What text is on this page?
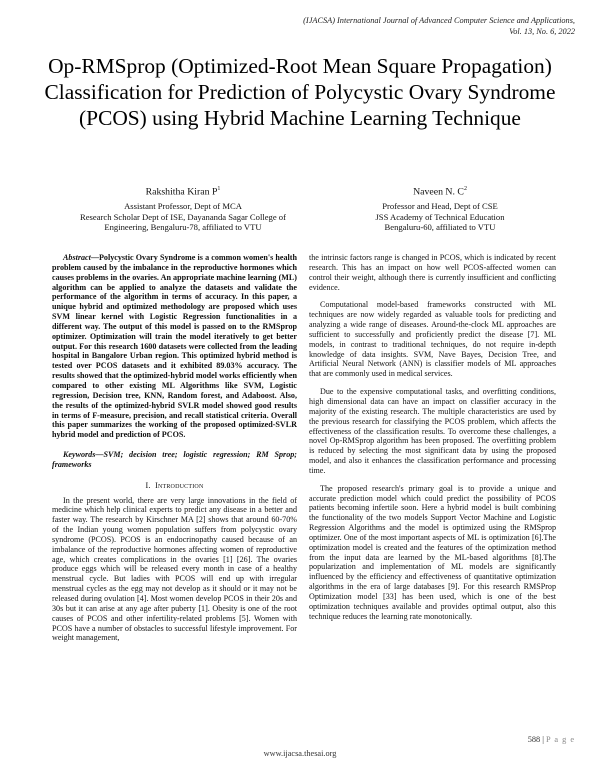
(IJACSA) International Journal of Advanced Computer Science and Applications,
Vol. 13, No. 6, 2022
Op-RMSprop (Optimized-Root Mean Square Propagation) Classification for Prediction of Polycystic Ovary Syndrome (PCOS) using Hybrid Machine Learning Technique
Rakshitha Kiran $P^1$
Assistant Professor, Dept of MCA
Research Scholar Dept of ISE, Dayananda Sagar College of Engineering, Bengaluru-78, affiliated to VTU
Naveen N. $C^2$
Professor and Head, Dept of CSE
JSS Academy of Technical Education
Bengaluru-60, affiliated to VTU

Abstract—Polycystic Ovary Syndrome is a common women's health problem caused by the imbalance in the reproductive hormones which causes problems in the ovaries. An appropriate machine learning (ML) algorithm can be applied to analyze the datasets and validate the performance of the algorithm in terms of accuracy. In this paper, a unique hybrid and optimized methodology are proposed which uses SVM linear kernel with Logistic Regression functionalities in a different way. The output of this model is passed on to the RMSprop optimizer. Optimization will train the model iteratively to get better output. For this research 1600 datasets were collected from the leading hospital in Bangalore Urban region. This optimized hybrid method is tested over PCOS datasets and it exhibited 89.03% accuracy. The results showed that the optimized-hybrid model works efficiently when compared to other existing ML Algorithms like SVM, Logistic regression, Decision tree, KNN, Random forest, and Adaboost. Also, the results of the optimized-hybrid SVLR model showed good results in terms of F-measure, precision, and recall statistical criteria. Overall this paper summarizes the working of the proposed optimized-SVLR hybrid model and prediction of PCOS.

Keywords—SVM; decision tree; logistic regression; RM Sprop; frameworks

I. Introduction

In the present world, there are very large innovations in the field of medicine which help clinical experts to predict any disease in a better and faster way. The research by Kirschner MA [2] shows that around 60-70% of the Indian young women population suffers from polycystic ovary syndrome (PCOS). PCOS is an endocrinopathy caused because of an imbalance of the reproductive hormones affecting women of reproductive age, which creates complications in the ovaries [1] [26]. The ovaries produce eggs which will be released every month in case of a healthy menstrual cycle. But ladies with PCOS will end up with irregular menstrual cycles as the egg may not develop as it should or it may not be released during ovulation [4]. Most women develop PCOS in their 20s and 30s but it can arise at any age after puberty [1]. Obesity is one of the root causes of PCOS and other infertility-related problems [5]. Women with PCOS have a number of obstacles to successful lifestyle improvement. For weight management,

the intrinsic factors range is changed in PCOS, which is indicated by recent research. This has an impact on how well PCOS-affected women can control their weight, although there is currently insufficient and conflicting evidence.

Computational model-based frameworks constructed with ML techniques are now widely regarded as valuable tools for predicting and analyzing a wide range of diseases. Around-the-clock ML approaches are sufficient to successfully and proficiently predict the disease [7]. ML models, in contrast to traditional techniques, do not require in-depth knowledge of data insights. SVM, Nave Bayes, Decision Tree, and Artificial Neural Network (ANN) is classifier models of ML approaches that are commonly used in medical services.

Due to the expensive computational tasks, and overfitting conditions, high dimensional data can have an impact on classifier accuracy in the majority of the existing research. The multiple characteristics are used by the previous research for classifying the PCOS problem, which affects the effectiveness of the classification results. To overcome these challenges, a novel Op-RMSprop algorithm has been proposed. The overfitting problem is reduced by selecting the most significant data by using the proposed model, and also it enhances the classification performance and processing time.

The proposed research's primary goal is to provide a unique and accurate prediction model which could predict the possibility of PCOS patients becoming infertile soon. Here a hybrid model is built combining the functionality of the two models Support Vector Machine and Logistic Regression Algorithms and the model is optimized using the RMSprop optimizer. One of the most important aspects of ML is optimization [6].The optimization model is created and the features of the optimization method from the input data are learned by the ML-based algorithms [8].The popularization and implementation of ML models are significantly influenced by the efficiency and effectiveness of quantitative optimization algorithms in the era of large databases [9]. For this research RMSProp Optimization model [33] has been used, which is one of the best optimization techniques available and provides optimal output, also this technique reduces the learning rate monotonically.

588 | P a g e
www.ijacsa.thesai.org
